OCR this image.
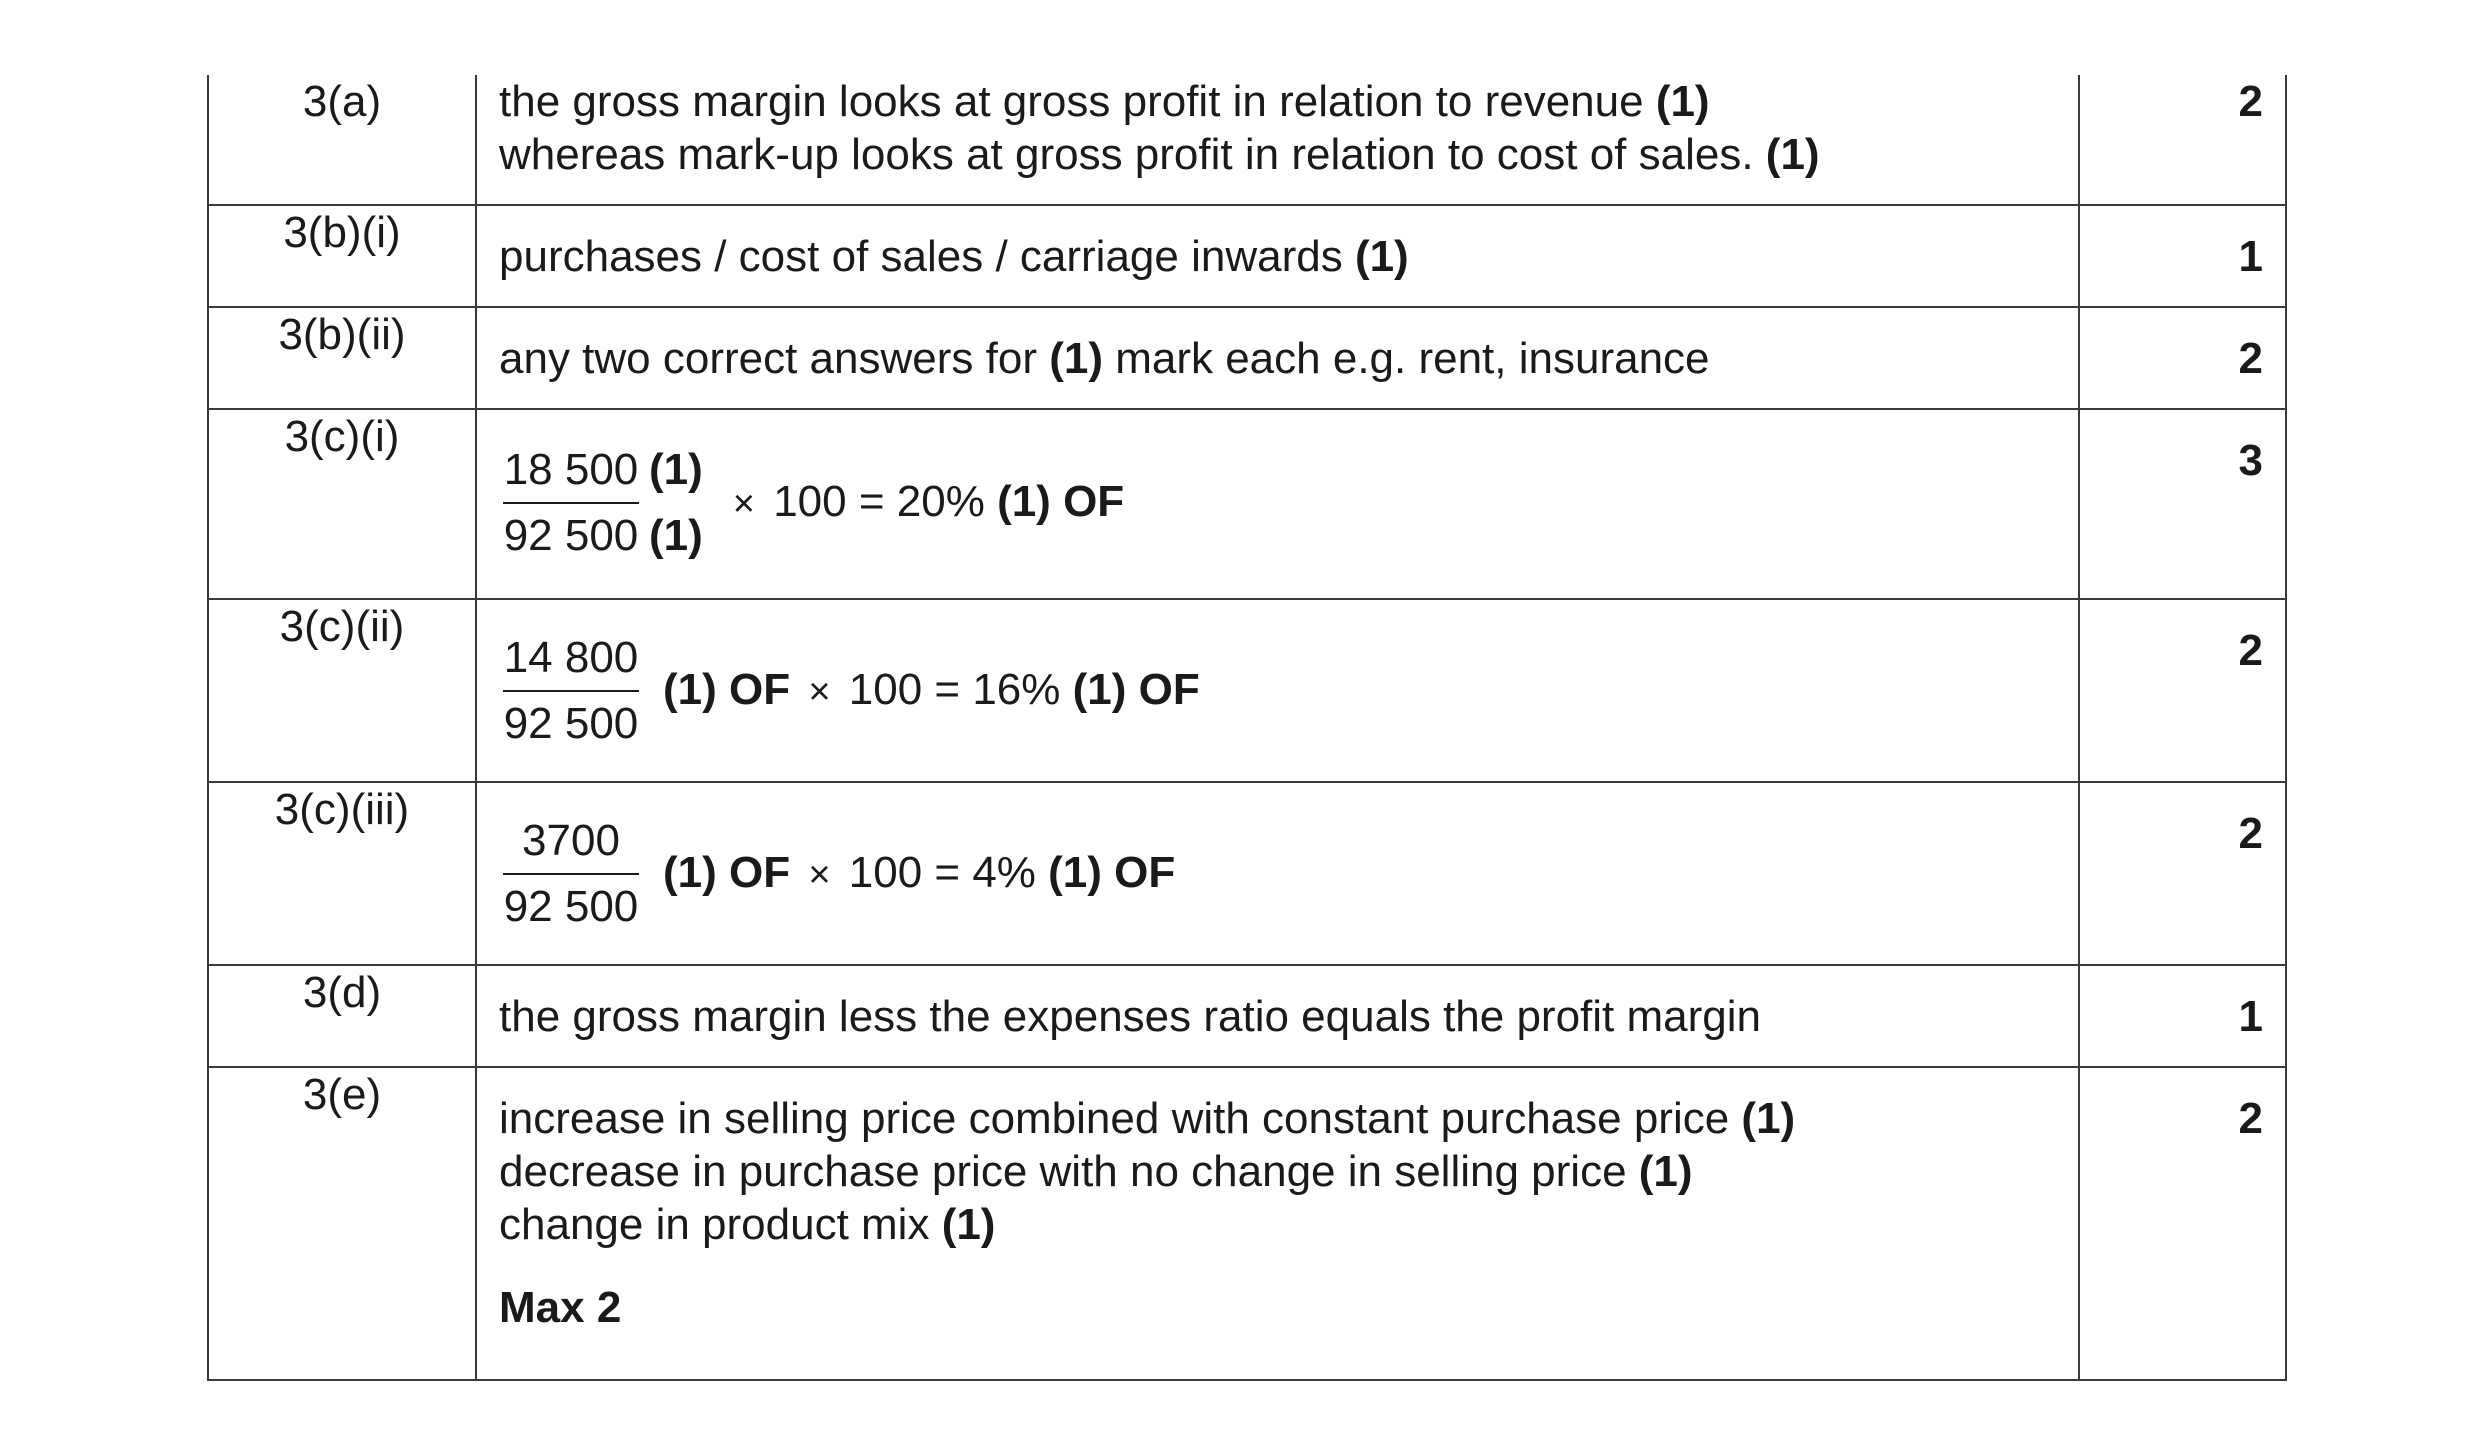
3(a)	the gross margin looks at gross profit in relation to revenue (1)
whereas mark-up looks at gross profit in relation to cost of sales. (1)	2
3(b)(i)	purchases / cost of sales / carriage inwards (1)	1
3(b)(ii)	any two correct answers for (1) mark each e.g. rent, insurance	2
3(c)(i)	$\frac{18 500 (1)}{92 500 (1)} \times 100 = 20\%$ (1) OF	3
3(c)(ii)	$\frac{14 800}{92 500} (1)$ OF × 100 = 16% (1) OF	2
3(c)(iii)	$\frac{3700}{92 500} (1)$ OF × 100 = 4% (1) OF	2
3(d)	the gross margin less the expenses ratio equals the profit margin	1
3(e)	increase in selling price combined with constant purchase price (1)
decrease in purchase price with no change in selling price (1)
change in product mix (1)
Max 2	2
